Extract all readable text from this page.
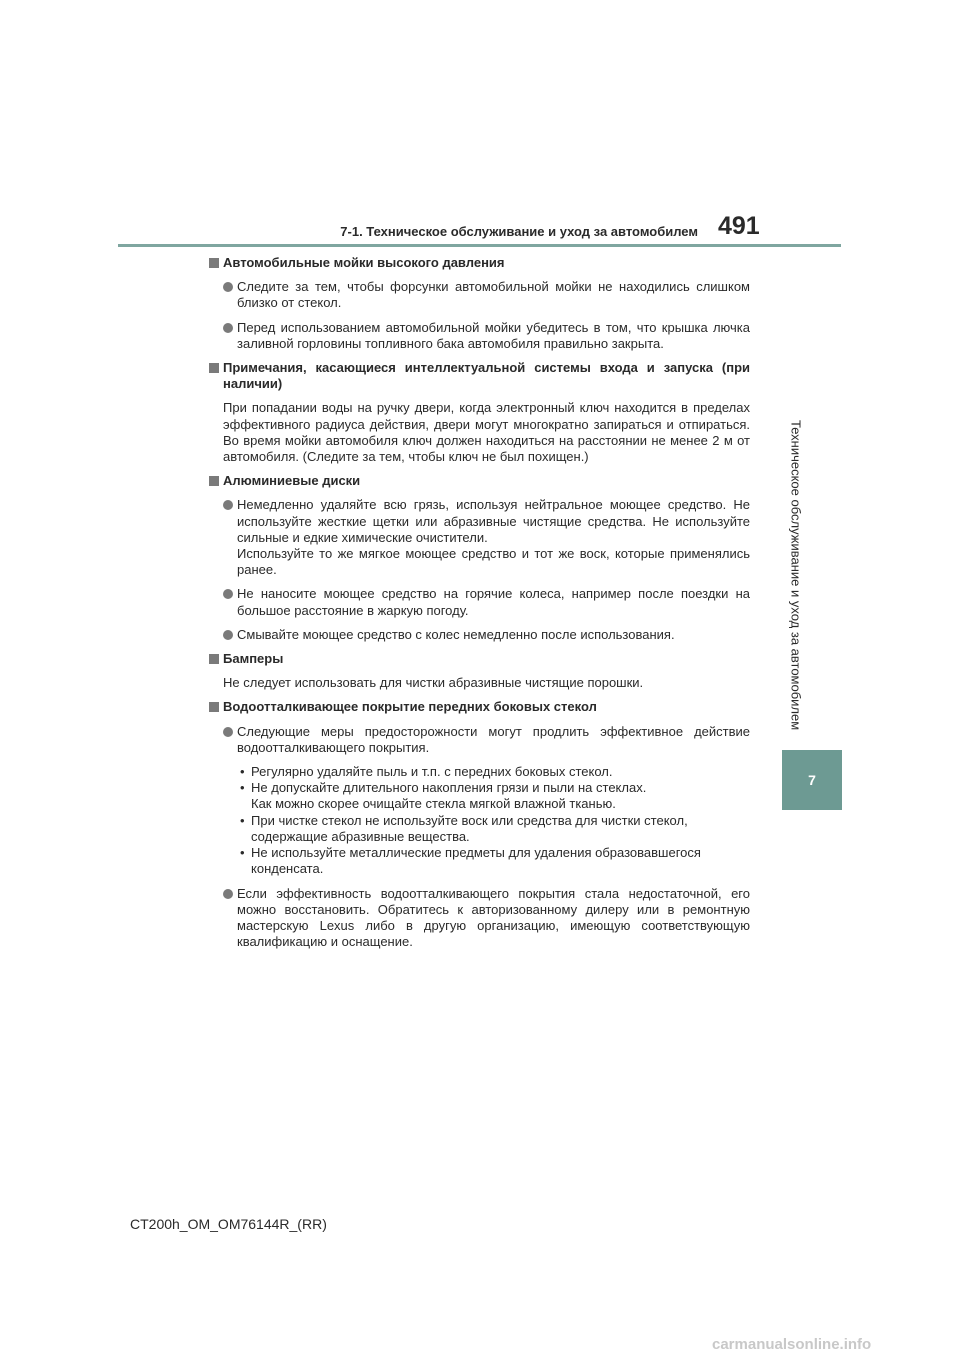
7-1. Техническое обслуживание и уход за автомобилем 491
Техническое обслуживание и уход за автомобилем
7
Автомобильные мойки высокого давления
Следите за тем, чтобы форсунки автомобильной мойки не находились слишком близко от стекол.
Перед использованием автомобильной мойки убедитесь в том, что крышка лючка заливной горловины топливного бака автомобиля правильно закрыта.
Примечания, касающиеся интеллектуальной системы входа и запуска (при наличии)
При попадании воды на ручку двери, когда электронный ключ находится в пределах эффективного радиуса действия, двери могут многократно запираться и отпираться. Во время мойки автомобиля ключ должен находиться на расстоянии не менее 2 м от автомобиля. (Следите за тем, чтобы ключ не был похищен.)
Алюминиевые диски
Немедленно удаляйте всю грязь, используя нейтральное моющее средство. Не используйте жесткие щетки или абразивные чистящие средства. Не используйте сильные и едкие химические очистители.
Используйте то же мягкое моющее средство и тот же воск, которые применялись ранее.
Не наносите моющее средство на горячие колеса, например после поездки на большое расстояние в жаркую погоду.
Смывайте моющее средство с колес немедленно после использования.
Бамперы
Не следует использовать для чистки абразивные чистящие порошки.
Водоотталкивающее покрытие передних боковых стекол
Следующие меры предосторожности могут продлить эффективное действие водоотталкивающего покрытия.
• Регулярно удаляйте пыль и т.п. с передних боковых стекол.
• Не допускайте длительного накопления грязи и пыли на стеклах.
Как можно скорее очищайте стекла мягкой влажной тканью.
• При чистке стекол не используйте воск или средства для чистки стекол, содержащие абразивные вещества.
• Не используйте металлические предметы для удаления образовавшегося конденсата.
Если эффективность водоотталкивающего покрытия стала недостаточной, его можно восстановить. Обратитесь к авторизованному дилеру или в ремонтную мастерскую Lexus либо в другую организацию, имеющую соответствующую квалификацию и оснащение.
CT200h_OM_OM76144R_(RR)
carmanualsonline.info
